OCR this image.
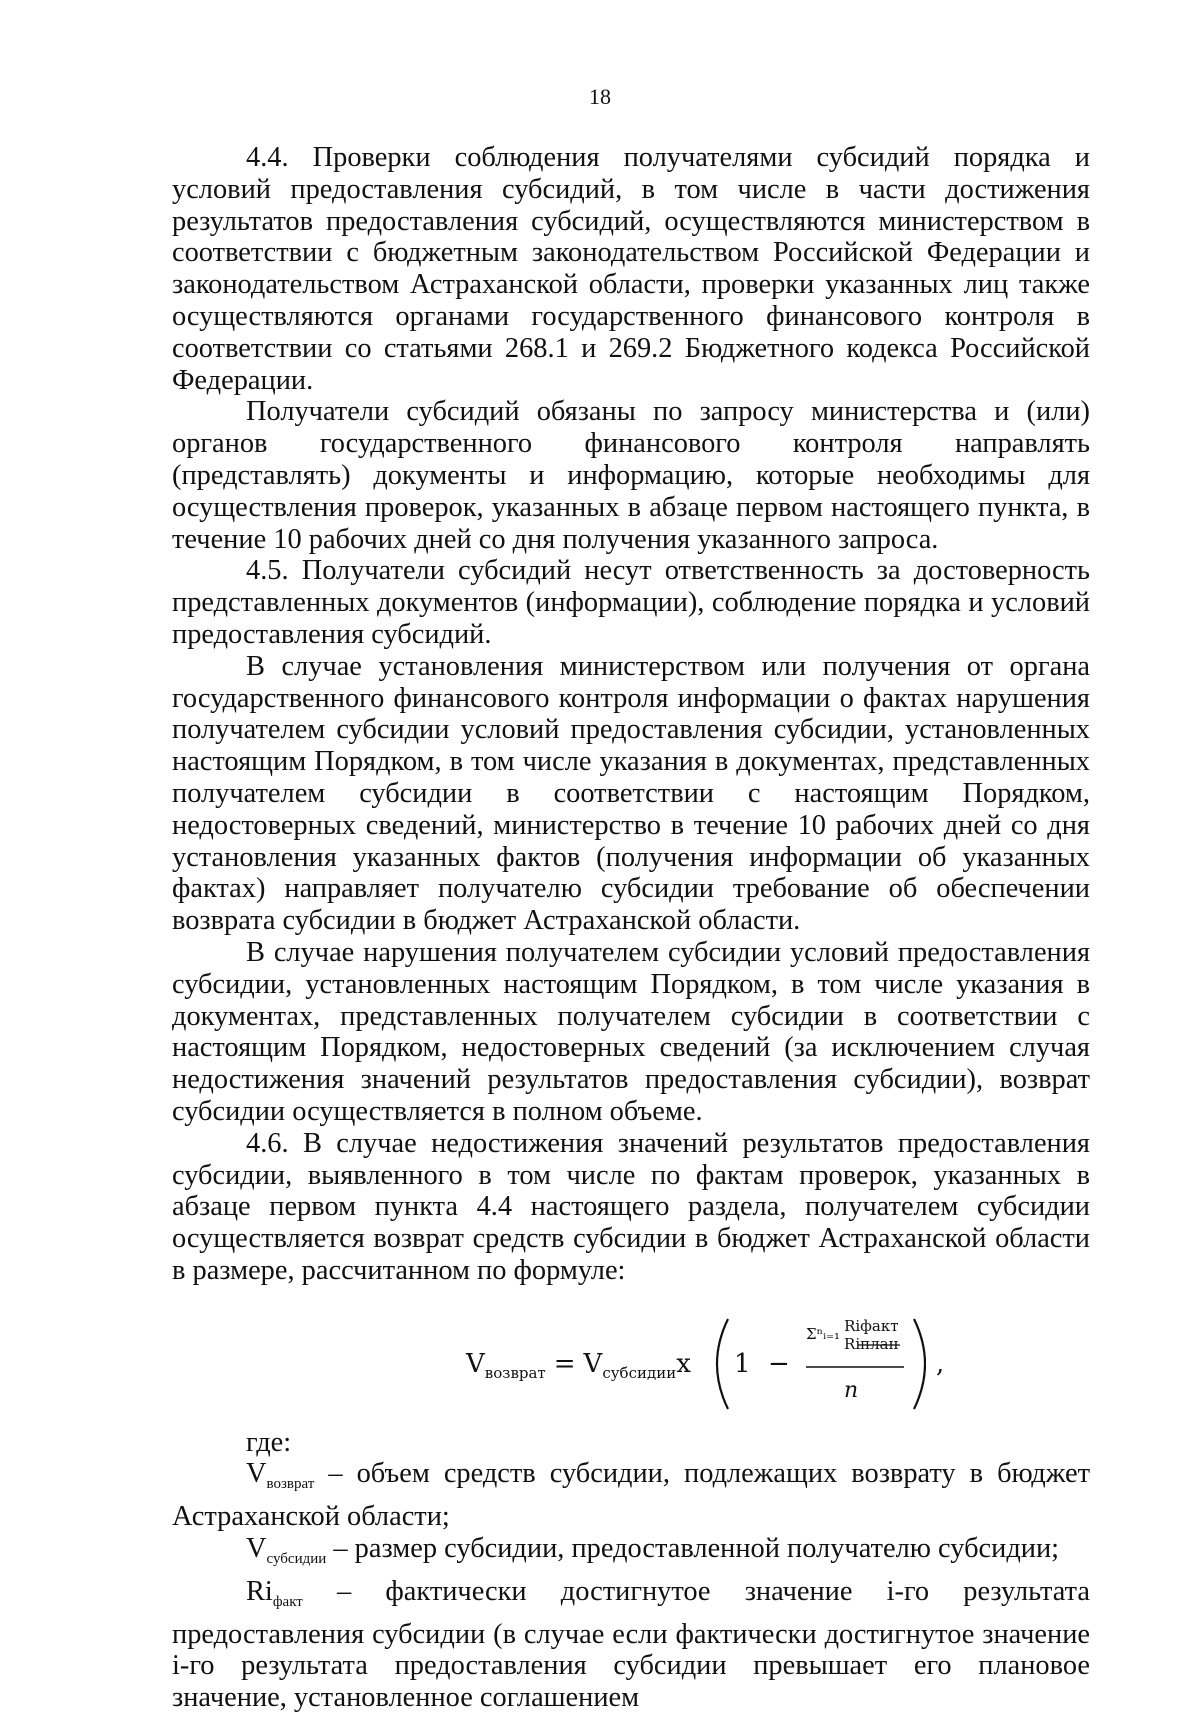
18

4.4. Проверки соблюдения получателями субсидий порядка и условий предоставления субсидий, в том числе в части достижения результатов предоставления субсидий, осуществляются министерством в соответствии с бюджетным законодательством Российской Федерации и законодательством Астраханской области, проверки указанных лиц также осуществляются органами государственного финансового контроля в соответствии со статьями 268.1 и 269.2 Бюджетного кодекса Российской Федерации.

Получатели субсидий обязаны по запросу министерства и (или) органов государственного финансового контроля направлять (представлять) документы и информацию, которые необходимы для осуществления проверок, указанных в абзаце первом настоящего пункта, в течение 10 рабочих дней со дня получения указанного запроса.

4.5. Получатели субсидий несут ответственность за достоверность представленных документов (информации), соблюдение порядка и условий предоставления субсидий.

В случае установления министерством или получения от органа государственного финансового контроля информации о фактах нарушения получателем субсидии условий предоставления субсидии, установленных настоящим Порядком, в том числе указания в документах, представленных получателем субсидии в соответствии с настоящим Порядком, недостоверных сведений, министерство в течение 10 рабочих дней со дня установления указанных фактов (получения информации об указанных фактах) направляет получателю субсидии требование об обеспечении возврата субсидии в бюджет Астраханской области.

В случае нарушения получателем субсидии условий предоставления субсидии, установленных настоящим Порядком, в том числе указания в документах, представленных получателем субсидии в соответствии с настоящим Порядком, недостоверных сведений (за исключением случая недостижения значений результатов предоставления субсидии), возврат субсидии осуществляется в полном объеме.

4.6. В случае недостижения значений результатов предоставления субсидии, выявленного в том числе по фактам проверок, указанных в абзаце первом пункта 4.4 настоящего раздела, получателем субсидии осуществляется возврат средств субсидии в бюджет Астраханской области в размере, рассчитанном по формуле:

$V_{возврат} = V_{субсидии}x$ 1 −
Σⁿᵢ₌₁ Riфакт
Riплан
n
,

где:

$V_{возврат}$ – объем средств субсидии, подлежащих возврату в бюджет Астраханской области;

$V_{субсидии}$ – размер субсидии, предоставленной получателю субсидии;

$Ri_{факт}$ – фактически достигнутое значение i-го результата предоставления субсидии (в случае если фактически достигнутое значение i-го результата предоставления субсидии превышает его плановое значение, установленное соглашением
